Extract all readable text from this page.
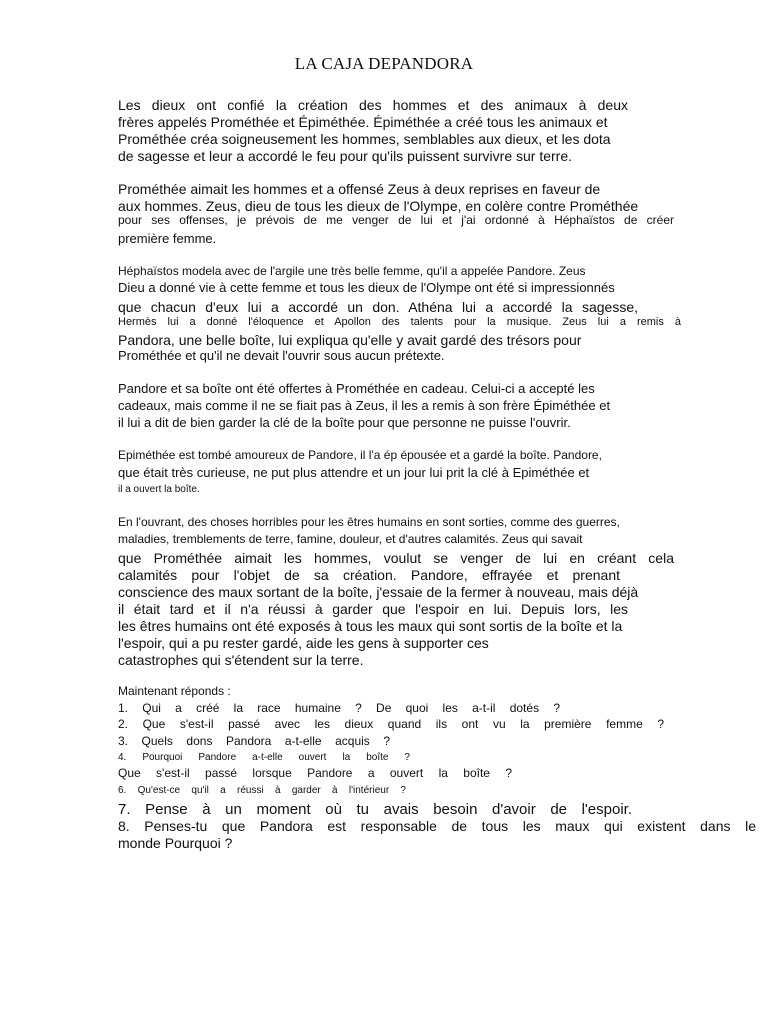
LA CAJA DEPANDORA

Les dieux ont confié la création des hommes et des animaux à deux

frères appelés Prométhée et Épiméthée. Épiméthée a créé tous les animaux et

Prométhée créa soigneusement les hommes, semblables aux dieux, et les dota

de sagesse et leur a accordé le feu pour qu'ils puissent survivre sur terre.

Prométhée aimait les hommes et a offensé Zeus à deux reprises en faveur de

aux hommes. Zeus, dieu de tous les dieux de l'Olympe, en colère contre Prométhée

pour ses offenses, je prévois de me venger de lui et j'ai ordonné à Héphaïstos de créer

première femme.

Héphaïstos modela avec de l'argile une très belle femme, qu'il a appelée Pandore. Zeus

Dieu a donné vie à cette femme et tous les dieux de l'Olympe ont été si impressionnés

que chacun d'eux lui a accordé un don. Athéna lui a accordé la sagesse,

Hermès lui a donné l'éloquence et Apollon des talents pour la musique. Zeus lui a remis à

Pandora, une belle boîte, lui expliqua qu'elle y avait gardé des trésors pour

Prométhée et qu'il ne devait l'ouvrir sous aucun prétexte.

Pandore et sa boîte ont été offertes à Prométhée en cadeau. Celui-ci a accepté les

cadeaux, mais comme il ne se fiait pas à Zeus, il les a remis à son frère Épiméthée et

il lui a dit de bien garder la clé de la boîte pour que personne ne puisse l'ouvrir.

Epiméthée est tombé amoureux de Pandore, il l'a ép épousée et a gardé la boîte. Pandore,

que était très curieuse, ne put plus attendre et un jour lui prit la clé à Epiméthée et

il a ouvert la boîte.

En l'ouvrant, des choses horribles pour les êtres humains en sont sorties, comme des guerres,

maladies, tremblements de terre, famine, douleur, et d'autres calamités. Zeus qui savait

que Prométhée aimait les hommes, voulut se venger de lui en créant cela

calamités pour l'objet de sa création. Pandore, effrayée et prenant

conscience des maux sortant de la boîte, j'essaie de la fermer à nouveau, mais déjà

il était tard et il n'a réussi à garder que l'espoir en lui. Depuis lors, les

les êtres humains ont été exposés à tous les maux qui sont sortis de la boîte et la

l'espoir, qui a pu rester gardé, aide les gens à supporter ces

catastrophes qui s'étendent sur la terre.

Maintenant réponds :

1. Qui a créé la race humaine ? De quoi les a-t-il dotés ?

2. Que s'est-il passé avec les dieux quand ils ont vu la première femme ?

3. Quels dons Pandora a-t-elle acquis ?

4. Pourquoi Pandore a-t-elle ouvert la boîte ?

Que s'est-il passé lorsque Pandore a ouvert la boîte ?

6. Qu'est-ce qu'il a réussi à garder à l'intérieur ?

7. Pense à un moment où tu avais besoin d'avoir de l'espoir.

8. Penses-tu que Pandora est responsable de tous les maux qui existent dans le

monde Pourquoi ?
